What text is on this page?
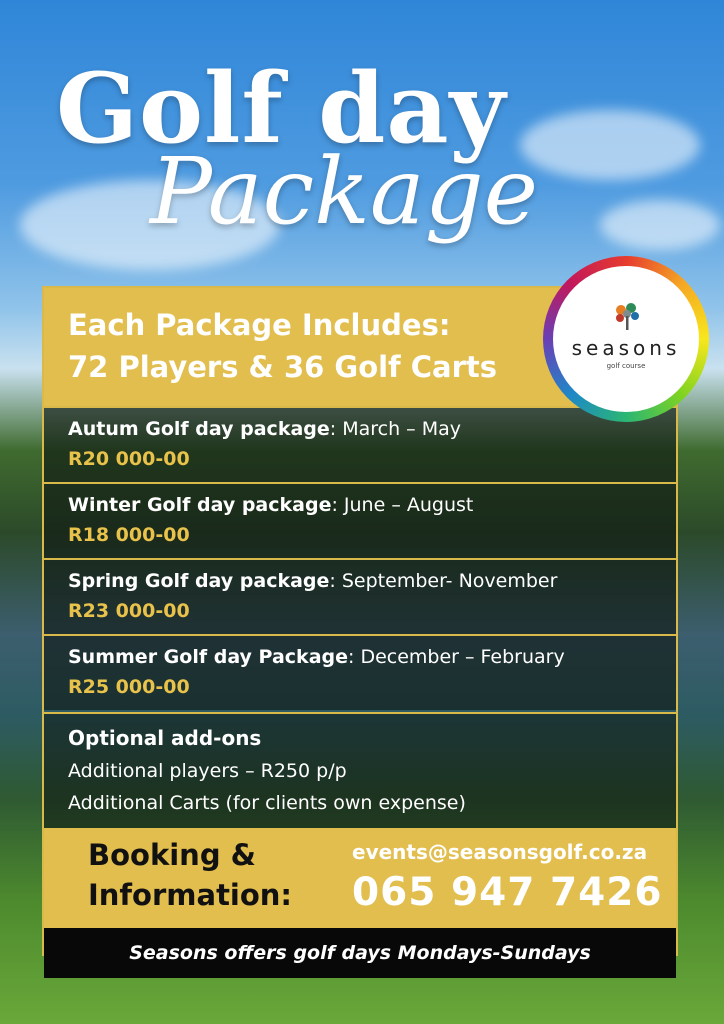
Golf day
Package
Each Package Includes:
72 Players & 36 Golf Carts
Autum Golf day package: March – May
R20 000-00
Winter Golf day package: June – August
R18 000-00
Spring Golf day package: September- November
R23 000-00
Summer Golf day Package: December – February
R25 000-00
Optional add-ons
Additional players – R250 p/p
Additional Carts (for clients own expense)
Booking &
Information:
events@seasonsgolf.co.za
065 947 7426
Seasons offers golf days Mondays-Sundays
seasons
golf course
